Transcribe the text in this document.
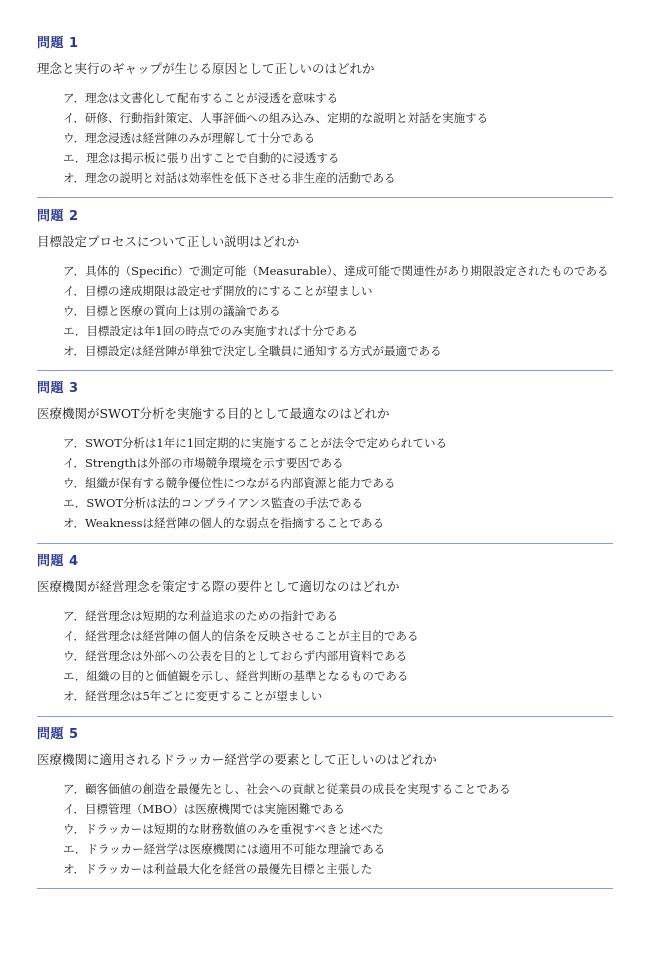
問題 1
理念と実行のギャップが生じる原因として正しいのはどれか
ア．理念は文書化して配布することが浸透を意味する
イ．研修、行動指針策定、人事評価への組み込み、定期的な説明と対話を実施する
ウ．理念浸透は経営陣のみが理解して十分である
エ．理念は掲示板に張り出すことで自動的に浸透する
オ．理念の説明と対話は効率性を低下させる非生産的活動である
問題 2
目標設定プロセスについて正しい説明はどれか
ア．具体的（Specific）で測定可能（Measurable）、達成可能で関連性があり期限設定されたものである
イ．目標の達成期限は設定せず開放的にすることが望ましい
ウ．目標と医療の質向上は別の議論である
エ．目標設定は年1回の時点でのみ実施すれば十分である
オ．目標設定は経営陣が単独で決定し全職員に通知する方式が最適である
問題 3
医療機関がSWOT分析を実施する目的として最適なのはどれか
ア．SWOT分析は1年に1回定期的に実施することが法令で定められている
イ．Strengthは外部の市場競争環境を示す要因である
ウ．組織が保有する競争優位性につながる内部資源と能力である
エ．SWOT分析は法的コンプライアンス監査の手法である
オ．Weaknessは経営陣の個人的な弱点を指摘することである
問題 4
医療機関が経営理念を策定する際の要件として適切なのはどれか
ア．経営理念は短期的な利益追求のための指針である
イ．経営理念は経営陣の個人的信条を反映させることが主目的である
ウ．経営理念は外部への公表を目的としておらず内部用資料である
エ．組織の目的と価値観を示し、経営判断の基準となるものである
オ．経営理念は5年ごとに変更することが望ましい
問題 5
医療機関に適用されるドラッカー経営学の要素として正しいのはどれか
ア．顧客価値の創造を最優先とし、社会への貢献と従業員の成長を実現することである
イ．目標管理（MBO）は医療機関では実施困難である
ウ．ドラッカーは短期的な財務数値のみを重視すべきと述べた
エ．ドラッカー経営学は医療機関には適用不可能な理論である
オ．ドラッカーは利益最大化を経営の最優先目標と主張した
